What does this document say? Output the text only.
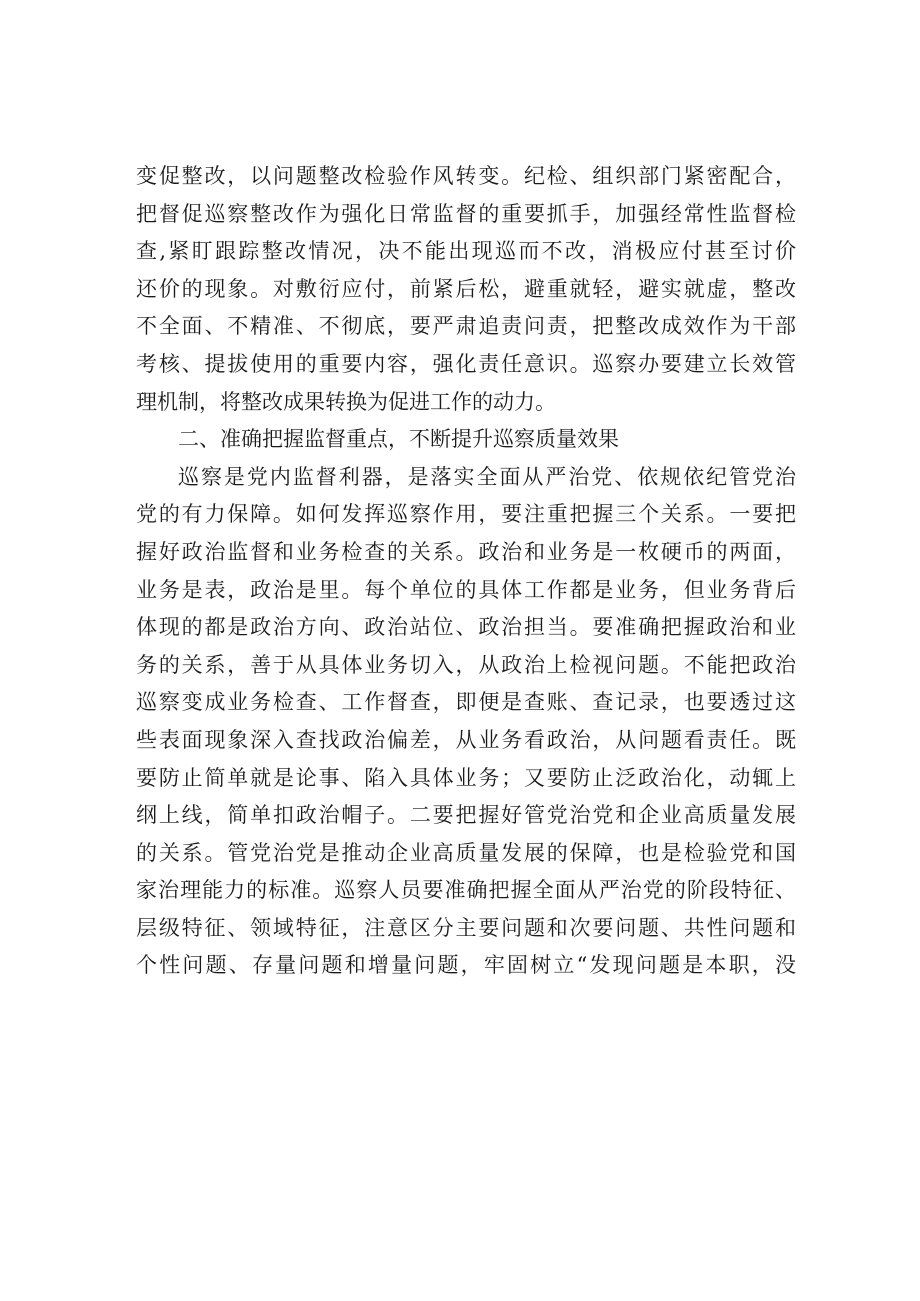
变促整改，以问题整改检验作风转变。纪检、组织部门紧密配合，
把督促巡察整改作为强化日常监督的重要抓手，加强经常性监督检
查,紧盯跟踪整改情况，决不能出现巡而不改，消极应付甚至讨价
还价的现象。对敷衍应付，前紧后松，避重就轻，避实就虚，整改
不全面、不精准、不彻底，要严肃追责问责，把整改成效作为干部
考核、提拔使用的重要内容，强化责任意识。巡察办要建立长效管
理机制，将整改成果转换为促进工作的动力。
二、准确把握监督重点，不断提升巡察质量效果
巡察是党内监督利器，是落实全面从严治党、依规依纪管党治
党的有力保障。如何发挥巡察作用，要注重把握三个关系。一要把
握好政治监督和业务检查的关系。政治和业务是一枚硬币的两面，
业务是表，政治是里。每个单位的具体工作都是业务，但业务背后
体现的都是政治方向、政治站位、政治担当。要准确把握政治和业
务的关系，善于从具体业务切入，从政治上检视问题。不能把政治
巡察变成业务检查、工作督查，即便是查账、查记录，也要透过这
些表面现象深入查找政治偏差，从业务看政治，从问题看责任。既
要防止简单就是论事、陷入具体业务；又要防止泛政治化，动辄上
纲上线，简单扣政治帽子。二要把握好管党治党和企业高质量发展
的关系。管党治党是推动企业高质量发展的保障，也是检验党和国
家治理能力的标准。巡察人员要准确把握全面从严治党的阶段特征、
层级特征、领域特征，注意区分主要问题和次要问题、共性问题和
个性问题、存量问题和增量问题，牢固树立“发现问题是本职，没
